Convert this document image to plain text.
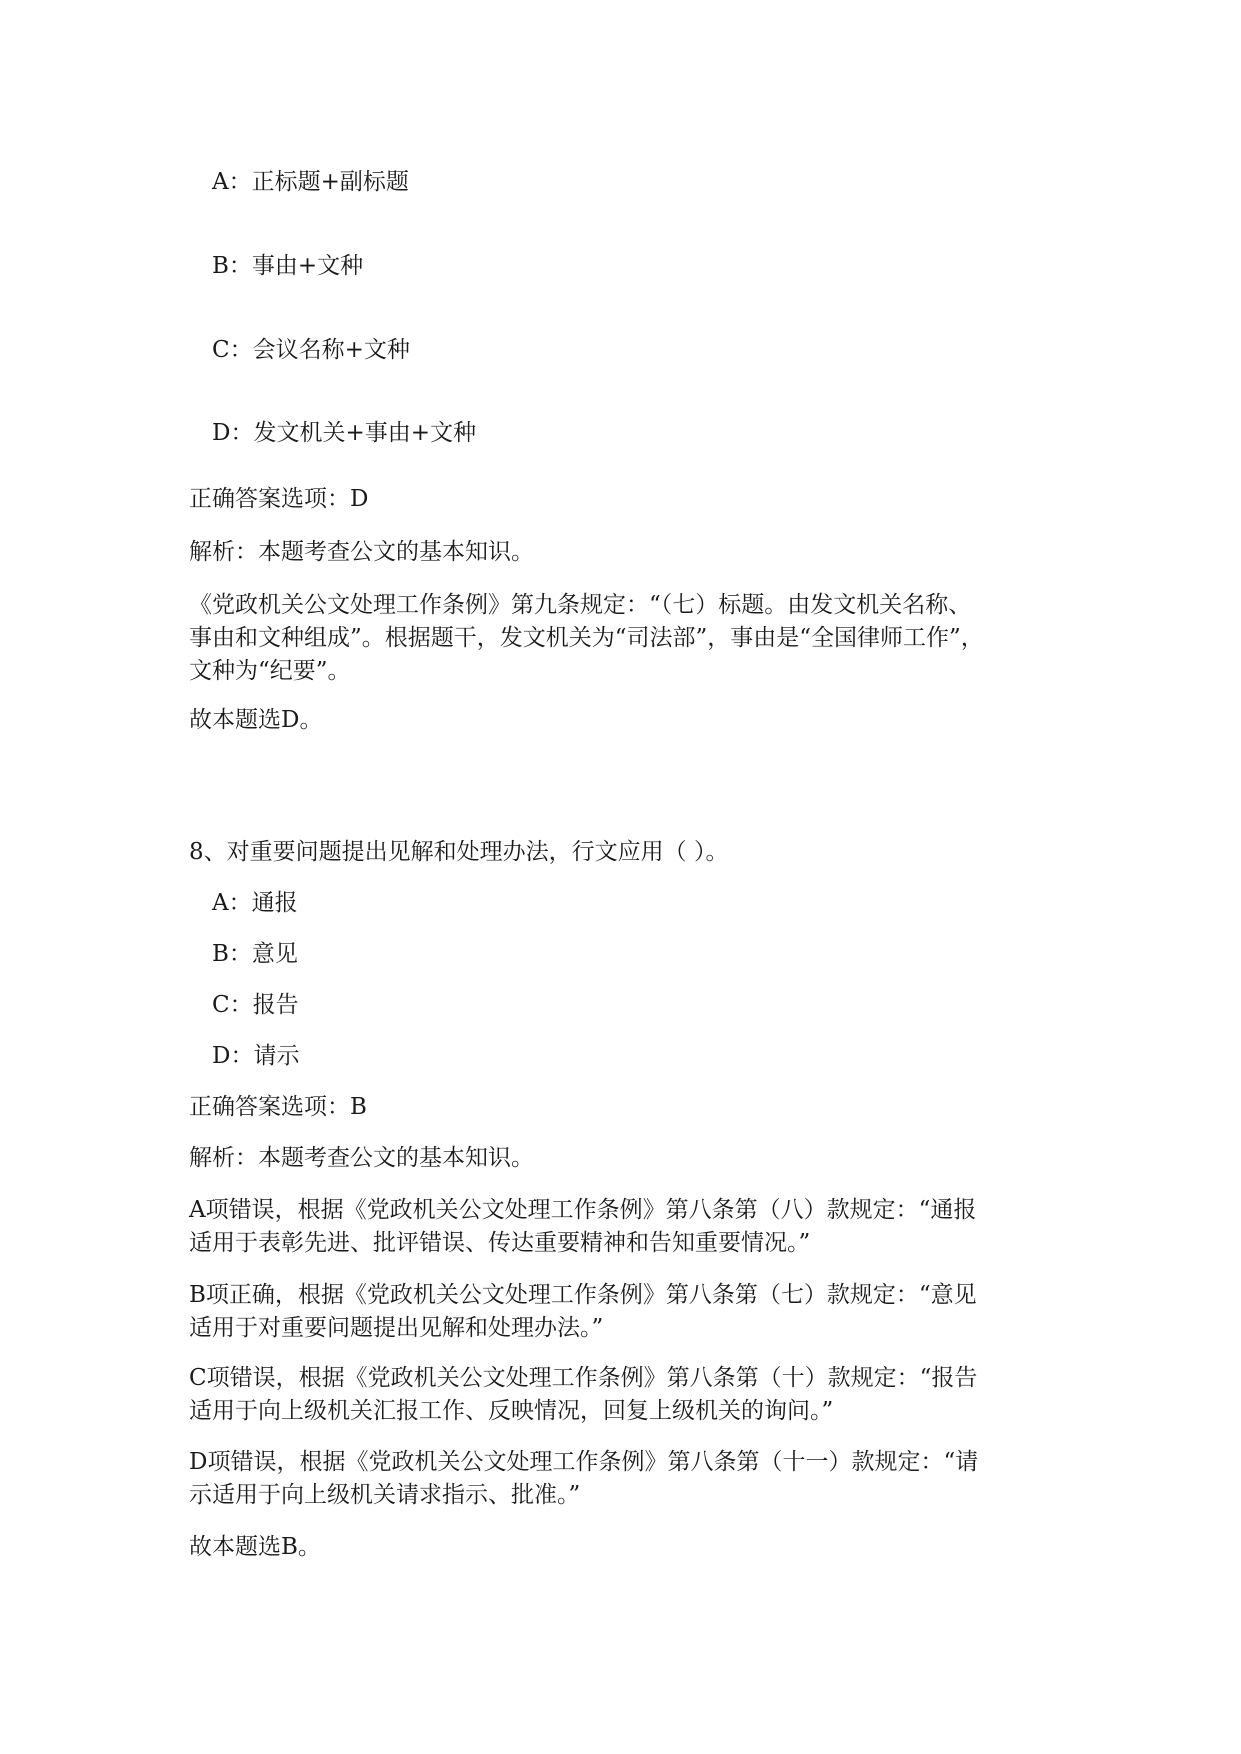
A：正标题+副标题
B：事由+文种
C：会议名称+文种
D：发文机关+事由+文种
正确答案选项：D
解析：本题考查公文的基本知识。
《党政机关公文处理工作条例》第九条规定：“（七）标题。由发文机关名称、
事由和文种组成”。根据题干，发文机关为“司法部”，事由是“全国律师工作”，
文种为“纪要”。
故本题选D。
8、对重要问题提出见解和处理办法，行文应用（ ）。
A：通报
B：意见
C：报告
D：请示
正确答案选项：B
解析：本题考查公文的基本知识。
A项错误，根据《党政机关公文处理工作条例》第八条第（八）款规定：“通报
适用于表彰先进、批评错误、传达重要精神和告知重要情况。”
B项正确，根据《党政机关公文处理工作条例》第八条第（七）款规定：“意见
适用于对重要问题提出见解和处理办法。”
C项错误，根据《党政机关公文处理工作条例》第八条第（十）款规定：“报告
适用于向上级机关汇报工作、反映情况，回复上级机关的询问。”
D项错误，根据《党政机关公文处理工作条例》第八条第（十一）款规定：“请
示适用于向上级机关请求指示、批准。”
故本题选B。
